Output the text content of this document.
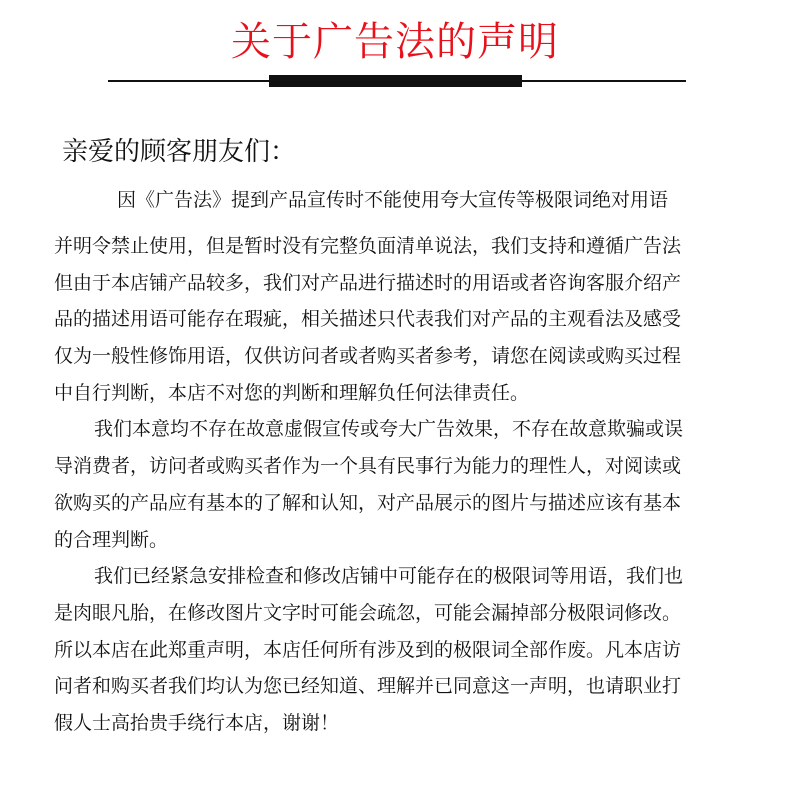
关于广告法的声明
亲爱的顾客朋友们：
因《广告法》提到产品宣传时不能使用夸大宣传等极限词绝对用语
并明令禁止使用，但是暂时没有完整负面清单说法，我们支持和遵循广告法
但由于本店铺产品较多，我们对产品进行描述时的用语或者咨询客服介绍产
品的描述用语可能存在瑕疵，相关描述只代表我们对产品的主观看法及感受
仅为一般性修饰用语，仅供访问者或者购买者参考，请您在阅读或购买过程
中自行判断，本店不对您的判断和理解负任何法律责任。
我们本意均不存在故意虚假宣传或夸大广告效果，不存在故意欺骗或误
导消费者，访问者或购买者作为一个具有民事行为能力的理性人，对阅读或
欲购买的产品应有基本的了解和认知，对产品展示的图片与描述应该有基本
的合理判断。
我们已经紧急安排检查和修改店铺中可能存在的极限词等用语，我们也
是肉眼凡胎，在修改图片文字时可能会疏忽，可能会漏掉部分极限词修改。
所以本店在此郑重声明，本店任何所有涉及到的极限词全部作废。凡本店访
问者和购买者我们均认为您已经知道、理解并已同意这一声明，也请职业打
假人士高抬贵手绕行本店，谢谢！
